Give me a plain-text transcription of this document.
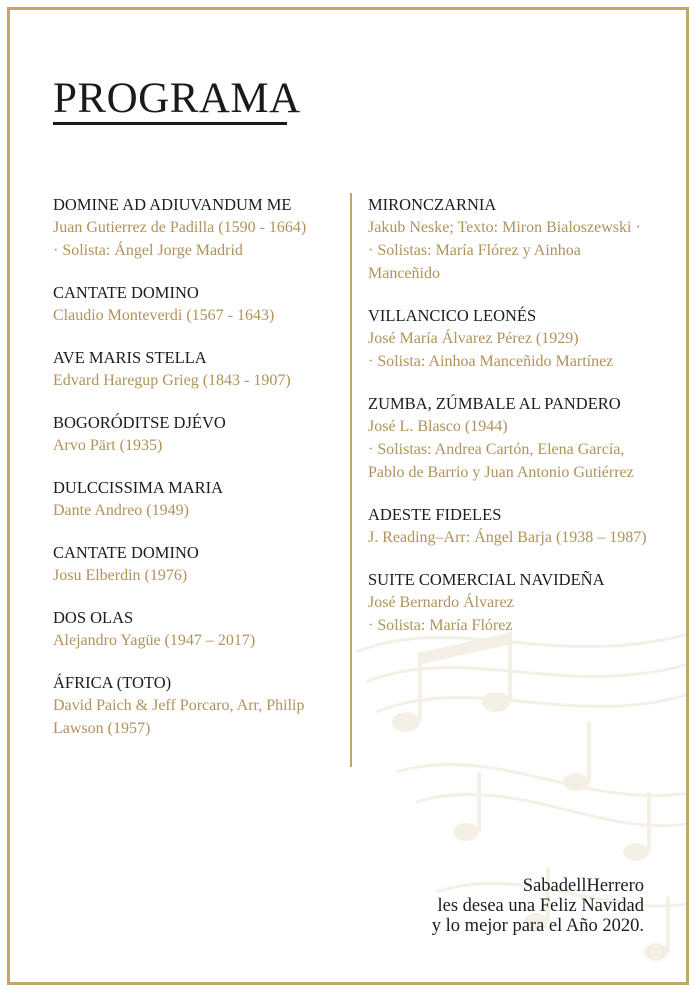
PROGRAMA
DOMINE AD ADIUVANDUM ME
Juan Gutierrez de Padilla (1590 - 1664)
· Solista: Ángel Jorge Madrid
CANTATE DOMINO
Claudio Monteverdi (1567 - 1643)
AVE MARIS STELLA
Edvard Haregup Grieg (1843 - 1907)
BOGORÓDITSE DJÉVO
Arvo Pärt (1935)
DULCCISSIMA MARIA
Dante Andreo (1949)
CANTATE DOMINO
Josu Elberdin (1976)
DOS OLAS
Alejandro Yagüe (1947 – 2017)
ÁFRICA (TOTO)
David Paich & Jeff Porcaro, Arr, Philip
Lawson (1957)
MIRONCZARNIA
Jakub Neske; Texto: Miron Bialoszewski ·
· Solistas: María Flórez y Ainhoa
Manceñido
VILLANCICO LEONÉS
José María Álvarez Pérez (1929)
· Solista: Ainhoa Manceñido Martínez
ZUMBA, ZÚMBALE AL PANDERO
José L. Blasco (1944)
· Solistas: Andrea Cartón, Elena García,
Pablo de Barrio y Juan Antonio Gutiérrez
ADESTE FIDELES
J. Reading–Arr: Ángel Barja (1938 – 1987)
SUITE COMERCIAL NAVIDEÑA
José Bernardo Álvarez
· Solista: María Flórez
SabadellHerrero
les desea una Feliz Navidad
y lo mejor para el Año 2020.
